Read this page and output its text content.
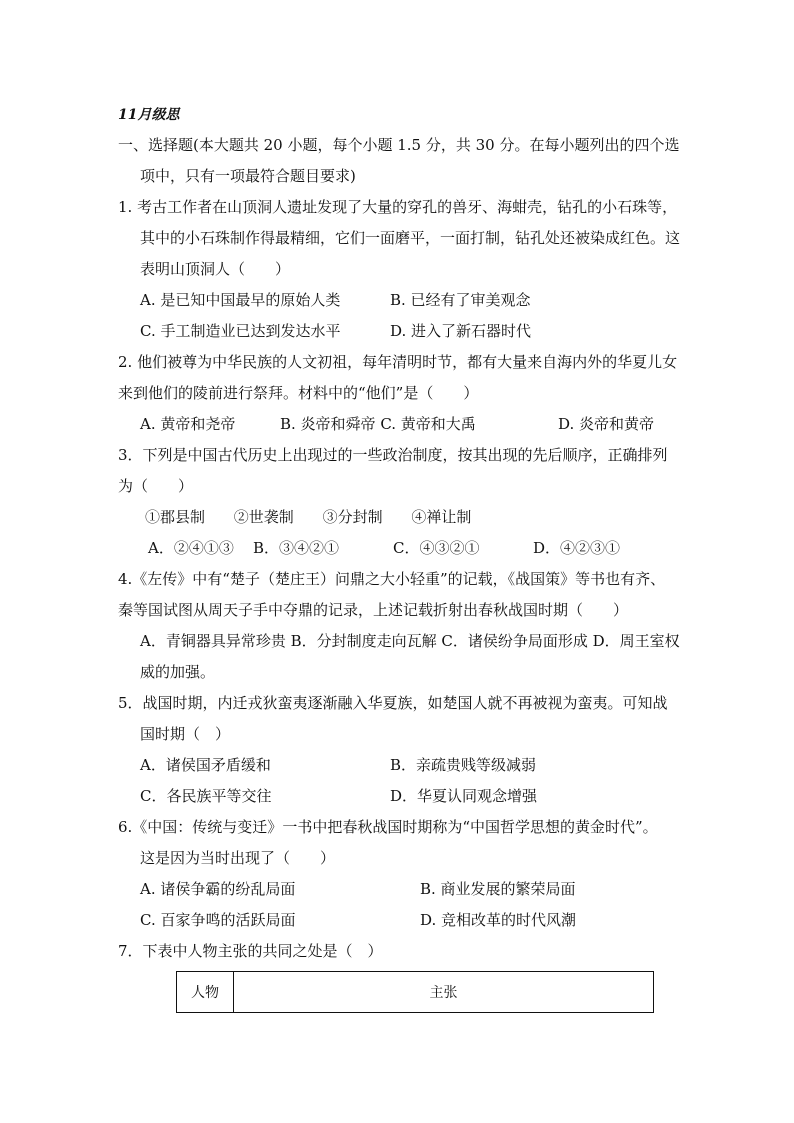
11月级思
一、选择题(本大题共 20 小题，每个小题 1.5 分，共 30 分。在每小题列出的四个选
项中，只有一项最符合题目要求)
1. 考古工作者在山顶洞人遗址发现了大量的穿孔的兽牙、海蚶壳，钻孔的小石珠等，
其中的小石珠制作得最精细，它们一面磨平，一面打制，钻孔处还被染成红色。这
表明山顶洞人（　　）
A. 是已知中国最早的原始人类	B. 已经有了审美观念
C. 手工制造业已达到发达水平	D. 进入了新石器时代
2. 他们被尊为中华民族的人文初祖，每年清明时节，都有大量来自海内外的华夏儿女
来到他们的陵前进行祭拜。材料中的“他们”是（　　）
A. 黄帝和尧帝	B. 炎帝和舜帝 C. 黄帝和大禹	D. 炎帝和黄帝
3．下列是中国古代历史上出现过的一些政治制度，按其出现的先后顺序，正确排列
为（　　）
①郡县制 ②世袭制 ③分封制 ④禅让制
A．②④①③	B．③④②①	C．④③②①	D．④②③①
4.《左传》中有“楚子（楚庄王）问鼎之大小轻重”的记载，《战国策》等书也有齐、
秦等国试图从周天子手中夺鼎的记录，上述记载折射出春秋战国时期（　　）
A．青铜器具异常珍贵 B．分封制度走向瓦解 C．诸侯纷争局面形成 D．周王室权
威的加强。
5．战国时期，内迁戎狄蛮夷逐渐融入华夏族，如楚国人就不再被视为蛮夷。可知战
国时期（　）
A．诸侯国矛盾缓和	B．亲疏贵贱等级减弱
C．各民族平等交往	D．华夏认同观念增强
6.《中国：传统与变迁》一书中把春秋战国时期称为“中国哲学思想的黄金时代”。
这是因为当时出现了（　　）
A. 诸侯争霸的纷乱局面	B. 商业发展的繁荣局面
C. 百家争鸣的活跃局面	D. 竞相改革的时代风潮
7．下表中人物主张的共同之处是（　）
人物	主张
